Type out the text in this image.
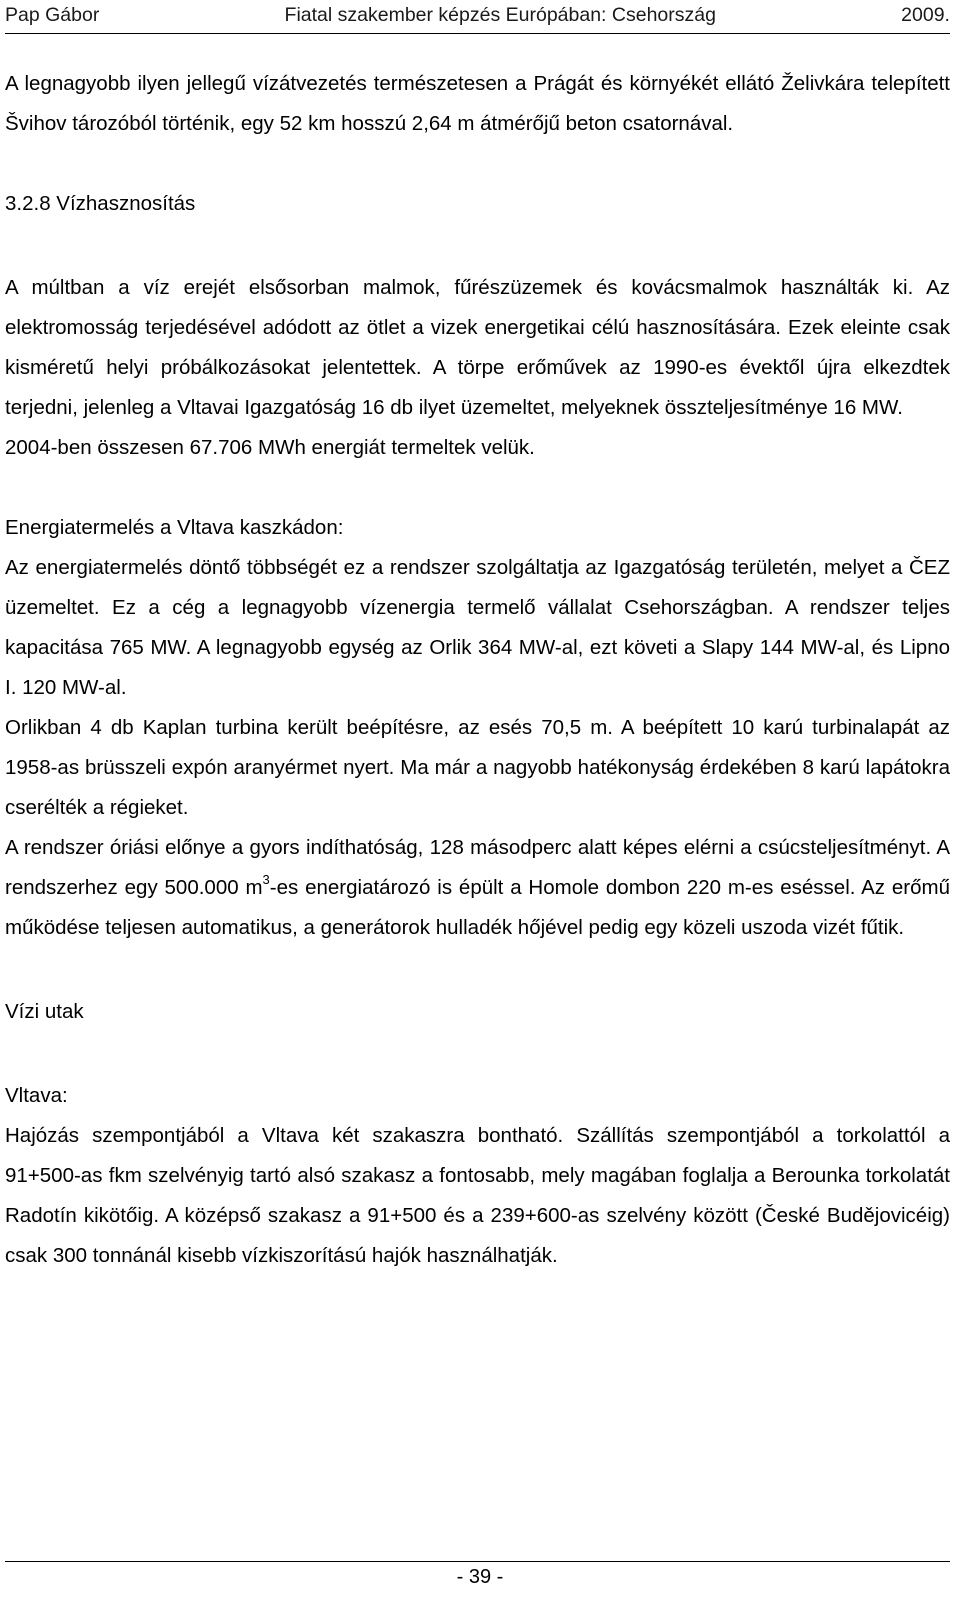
Pap Gábor	Fiatal szakember képzés Európában: Csehország	2009.

A legnagyobb ilyen jellegű vízátvezetés természetesen a Prágát és környékét ellátó Želivkára telepített Švihov tározóból történik, egy 52 km hosszú 2,64 m átmérőjű beton csatornával.

3.2.8 Vízhasznosítás

A múltban a víz erejét elsősorban malmok, fűrészüzemek és kovácsmalmok használták ki. Az elektromosság terjedésével adódott az ötlet a vizek energetikai célú hasznosítására. Ezek eleinte csak kisméretű helyi próbálkozásokat jelentettek. A törpe erőművek az 1990-es évektől újra elkezdtek terjedni, jelenleg a Vltavai Igazgatóság 16 db ilyet üzemeltet, melyeknek összteljesítménye 16 MW.

2004-ben összesen 67.706 MWh energiát termeltek velük.

Energiatermelés a Vltava kaszkádon:

Az energiatermelés döntő többségét ez a rendszer szolgáltatja az Igazgatóság területén, melyet a ČEZ üzemeltet. Ez a cég a legnagyobb vízenergia termelő vállalat Csehországban. A rendszer teljes kapacitása 765 MW. A legnagyobb egység az Orlik 364 MW-al, ezt követi a Slapy 144 MW-al, és Lipno I. 120 MW-al.

Orlikban 4 db Kaplan turbina került beépítésre, az esés 70,5 m. A beépített 10 karú turbinalapát az 1958-as brüsszeli expón aranyérmet nyert. Ma már a nagyobb hatékonyság érdekében 8 karú lapátokra cserélték a régieket.

A rendszer óriási előnye a gyors indíthatóság, 128 másodperc alatt képes elérni a csúcsteljesítményt. A rendszerhez egy 500.000 $m^3-es$ energiatározó is épült a Homole dombon 220 m-es eséssel. Az erőmű működése teljesen automatikus, a generátorok hulladék hőjével pedig egy közeli uszoda vizét fűtik.

Vízi utak

Vltava:

Hajózás szempontjából a Vltava két szakaszra bontható. Szállítás szempontjából a torkolattól a 91+500-as fkm szelvényig tartó alsó szakasz a fontosabb, mely magában foglalja a Berounka torkolatát Radotín kikötőig. A középső szakasz a 91+500 és a 239+600-as szelvény között (České Budějovicéig) csak 300 tonnánál kisebb vízkiszorítású hajók használhatják.

- 39 -
